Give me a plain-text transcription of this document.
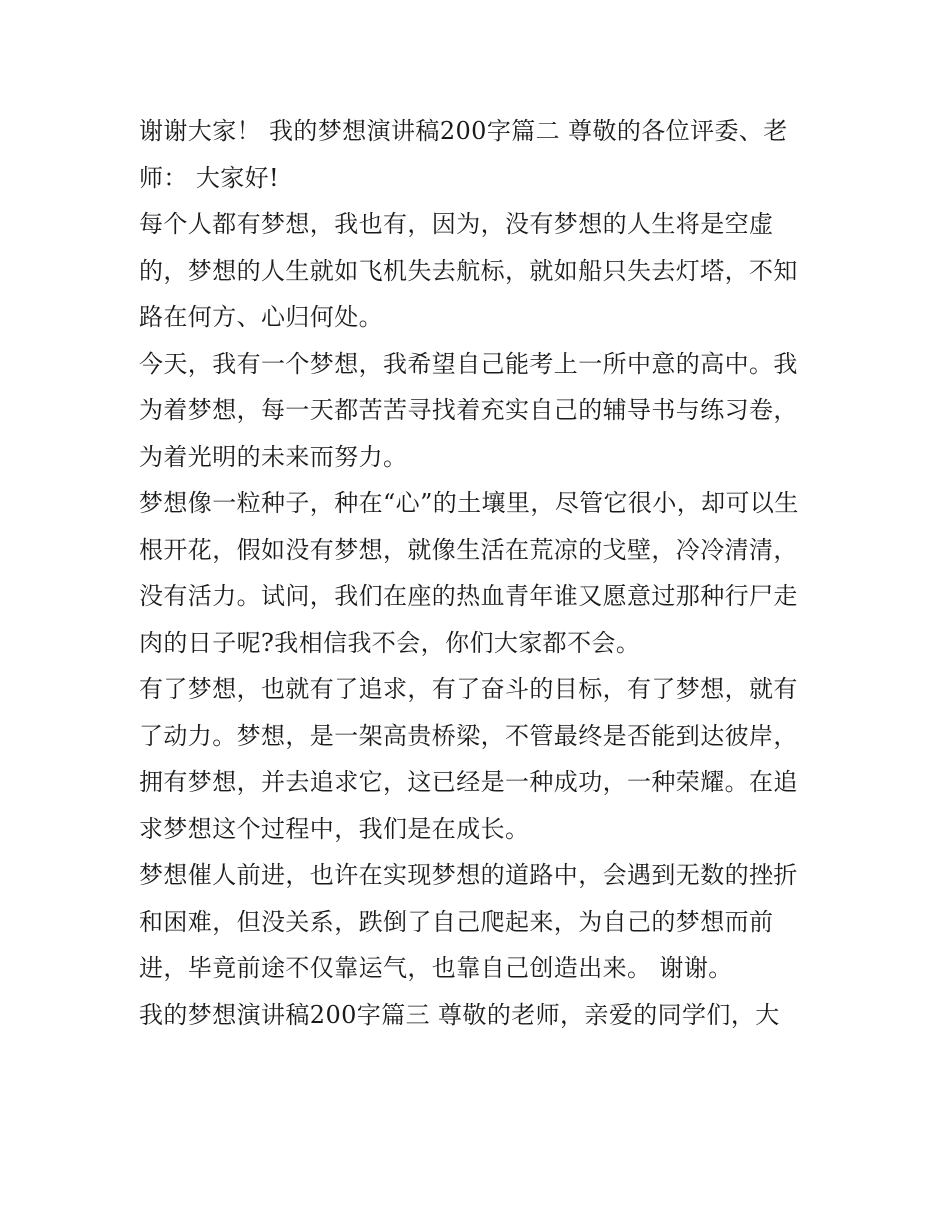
谢谢大家！ 我的梦想演讲稿200字篇二 尊敬的各位评委、老
师： 大家好!
每个人都有梦想，我也有，因为，没有梦想的人生将是空虚
的，梦想的人生就如飞机失去航标，就如船只失去灯塔，不知
路在何方、心归何处。
今天，我有一个梦想，我希望自己能考上一所中意的高中。我
为着梦想，每一天都苦苦寻找着充实自己的辅导书与练习卷，
为着光明的未来而努力。
梦想像一粒种子，种在“心”的土壤里，尽管它很小，却可以生
根开花，假如没有梦想，就像生活在荒凉的戈壁，冷冷清清，
没有活力。试问，我们在座的热血青年谁又愿意过那种行尸走
肉的日子呢?我相信我不会，你们大家都不会。
有了梦想，也就有了追求，有了奋斗的目标，有了梦想，就有
了动力。梦想，是一架高贵桥梁，不管最终是否能到达彼岸，
拥有梦想，并去追求它，这已经是一种成功，一种荣耀。在追
求梦想这个过程中，我们是在成长。
梦想催人前进，也许在实现梦想的道路中，会遇到无数的挫折
和困难，但没关系，跌倒了自己爬起来，为自己的梦想而前
进，毕竟前途不仅靠运气，也靠自己创造出来。 谢谢。
我的梦想演讲稿200字篇三 尊敬的老师，亲爱的同学们，大
